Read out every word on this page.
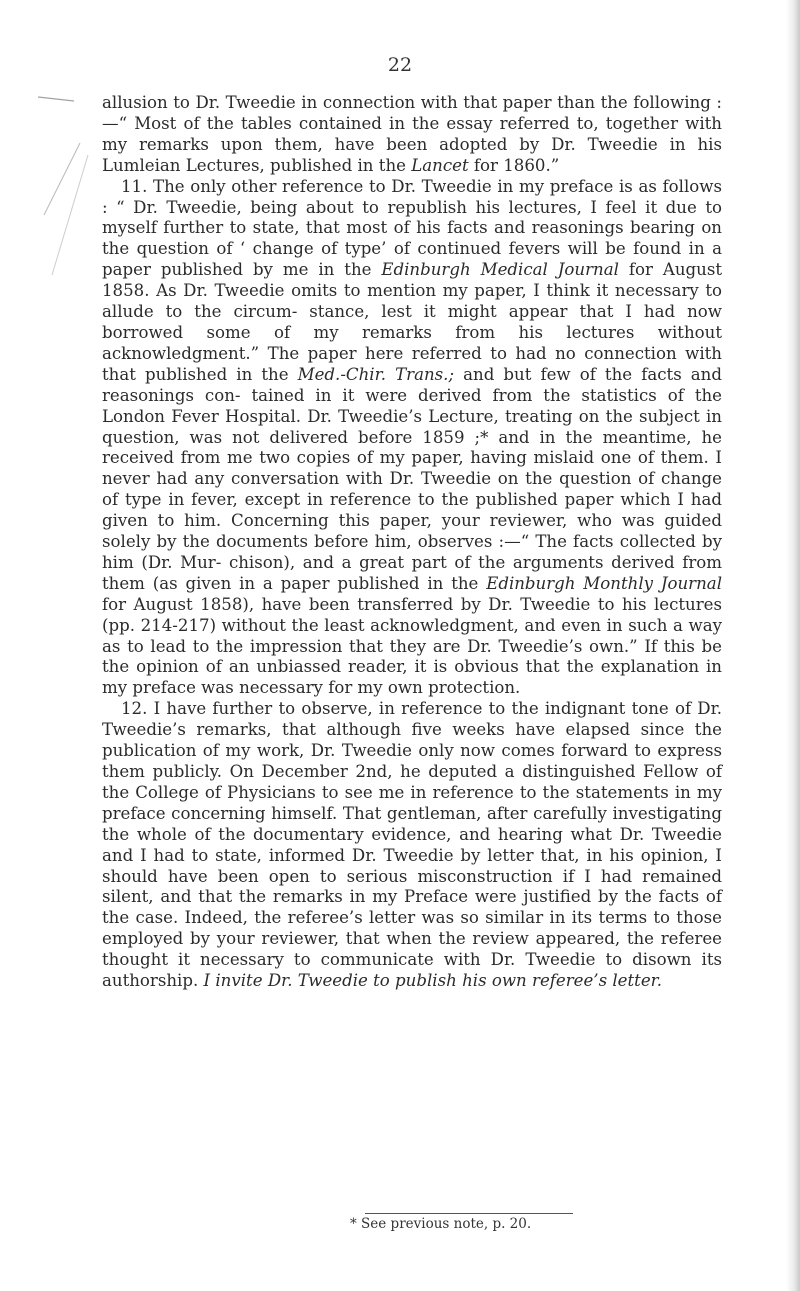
22

allusion to Dr. Tweedie in connection with that paper than the following :—“ Most of the tables contained in the essay referred to, together with my remarks upon them, have been adopted by Dr. Tweedie in his Lumleian Lectures, published in the Lancet for 1860.”

11. The only other reference to Dr. Tweedie in my preface is as follows : “ Dr. Tweedie, being about to republish his lectures, I feel it due to myself further to state, that most of his facts and reasonings bearing on the question of ‘ change of type’ of continued fevers will be found in a paper published by me in the Edinburgh Medical Journal for August 1858. As Dr. Tweedie omits to mention my paper, I think it necessary to allude to the circum- stance, lest it might appear that I had now borrowed some of my remarks from his lectures without acknowledgment.” The paper here referred to had no connection with that published in the Med.-Chir. Trans.; and but few of the facts and reasonings con- tained in it were derived from the statistics of the London Fever Hospital. Dr. Tweedie’s Lecture, treating on the subject in question, was not delivered before 1859 ;* and in the meantime, he received from me two copies of my paper, having mislaid one of them. I never had any conversation with Dr. Tweedie on the question of change of type in fever, except in reference to the published paper which I had given to him. Concerning this paper, your reviewer, who was guided solely by the documents before him, observes :—“ The facts collected by him (Dr. Mur- chison), and a great part of the arguments derived from them (as given in a paper published in the Edinburgh Monthly Journal for August 1858), have been transferred by Dr. Tweedie to his lectures (pp. 214-217) without the least acknowledgment, and even in such a way as to lead to the impression that they are Dr. Tweedie’s own.” If this be the opinion of an unbiassed reader, it is obvious that the explanation in my preface was necessary for my own protection.

12. I have further to observe, in reference to the indignant tone of Dr. Tweedie’s remarks, that although five weeks have elapsed since the publication of my work, Dr. Tweedie only now comes forward to express them publicly. On December 2nd, he deputed a distinguished Fellow of the College of Physicians to see me in reference to the statements in my preface concerning himself. That gentleman, after carefully investigating the whole of the documentary evidence, and hearing what Dr. Tweedie and I had to state, informed Dr. Tweedie by letter that, in his opinion, I should have been open to serious misconstruction if I had remained silent, and that the remarks in my Preface were justified by the facts of the case. Indeed, the referee’s letter was so similar in its terms to those employed by your reviewer, that when the review appeared, the referee thought it necessary to communicate with Dr. Tweedie to disown its authorship. I invite Dr. Tweedie to publish his own referee’s letter.

* See previous note, p. 20.
